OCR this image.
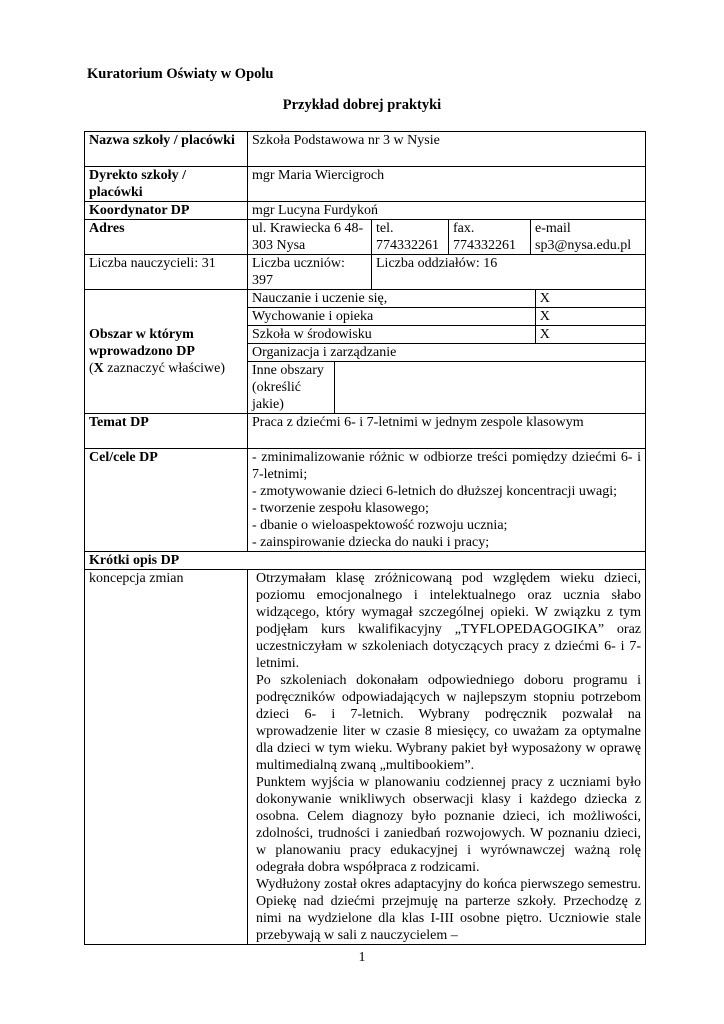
Kuratorium Oświaty w Opolu
Przykład dobrej praktyki
Nazwa szkoły / placówki	Szkoła Podstawowa nr 3 w Nysie
Dyrekto szkoły / placówki	mgr Maria Wiercigroch
Koordynator DP	mgr Lucyna Furdykoń
Adres	ul. Krawiecka 6 48-303 Nysa	tel. 774332261	fax. 774332261	e-mail sp3@nysa.edu.pl
Liczba nauczycieli: 31	Liczba uczniów: 397	Liczba oddziałów: 16
Obszar w którym wprowadzono DP
(X zaznaczyć właściwe)	
Nauczanie i uczenie się,	X
Wychowanie i opieka	X
Szkoła w środowisku	X
Organizacja i zarządzanie
Inne obszary (określić jakie)	

Temat DP	Praca z dziećmi 6- i 7-letnimi w jednym zespole klasowym
Cel/cele DP	- zminimalizowanie różnic w odbiorze treści pomiędzy dziećmi 6- i 7-letnimi;
- zmotywowanie dzieci 6-letnich do dłuższej koncentracji uwagi;
- tworzenie zespołu klasowego;
- dbanie o wieloaspektowość rozwoju ucznia;
- zainspirowanie dziecka do nauki i pracy;

Krótki opis DP
koncepcja zmian	Otrzymałam klasę zróżnicowaną pod względem wieku dzieci, poziomu emocjonalnego i intelektualnego oraz ucznia słabo widzącego, który wymagał szczególnej opieki. W związku z tym podjęłam kurs kwalifikacyjny „TYFLOPEDAGOGIKA” oraz uczestniczyłam w szkoleniach dotyczących pracy z dziećmi 6- i 7-letnimi.

Po szkoleniach dokonałam odpowiedniego doboru programu i podręczników odpowiadających w najlepszym stopniu potrzebom dzieci 6- i 7-letnich. Wybrany podręcznik pozwalał na wprowadzenie liter w czasie 8 miesięcy, co uważam za optymalne dla dzieci w tym wieku. Wybrany pakiet był wyposażony w oprawę multimedialną zwaną „multibookiem”.

Punktem wyjścia w planowaniu codziennej pracy z uczniami było dokonywanie wnikliwych obserwacji klasy i każdego dziecka z osobna. Celem diagnozy było poznanie dzieci, ich możliwości, zdolności, trudności i zaniedbań rozwojowych. W poznaniu dzieci, w planowaniu pracy edukacyjnej i wyrównawczej ważną rolę odegrała dobra współpraca z rodzicami.

Wydłużony został okres adaptacyjny do końca pierwszego semestru. Opiekę nad dziećmi przejmuję na parterze szkoły. Przechodzę z nimi na wydzielone dla klas I-III osobne piętro. Uczniowie stale przebywają w sali z nauczycielem –

1
